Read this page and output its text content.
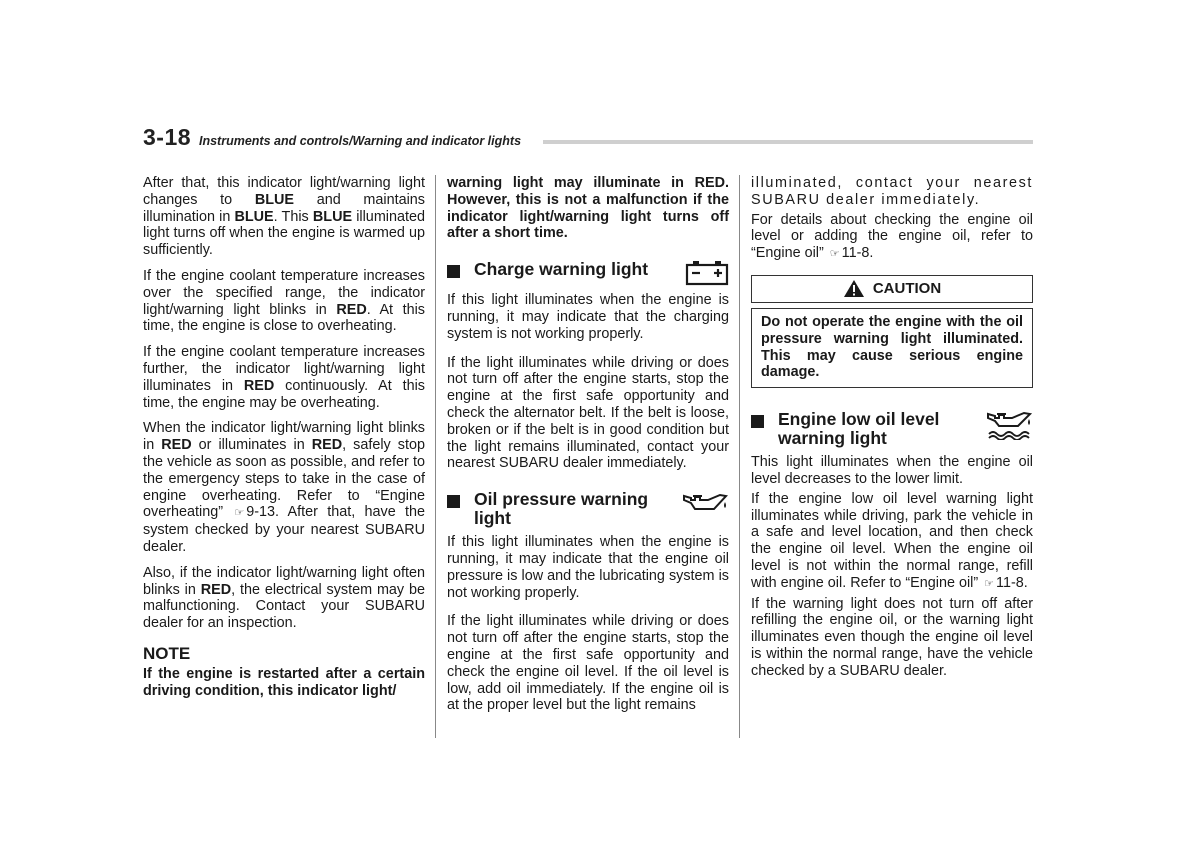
3-18 Instruments and controls/Warning and indicator lights

After that, this indicator light/warning light changes to BLUE and maintains illumination in BLUE. This BLUE illuminated light turns off when the engine is warmed up sufficiently.

If the engine coolant temperature increases over the specified range, the indicator light/warning light blinks in RED. At this time, the engine is close to overheating.

If the engine coolant temperature increases further, the indicator light/warning light illuminates in RED continuously. At this time, the engine may be overheating.

When the indicator light/warning light blinks in RED or illuminates in RED, safely stop the vehicle as soon as possible, and refer to the emergency steps to take in the case of engine overheating. Refer to “Engine overheating” ☞ 9-13. After that, have the system checked by your nearest SUBARU dealer.

Also, if the indicator light/warning light often blinks in RED, the electrical system may be malfunctioning. Contact your SUBARU dealer for an inspection.

NOTE

If the engine is restarted after a certain driving condition, this indicator light/

warning light may illuminate in RED. However, this is not a malfunction if the indicator light/warning light turns off after a short time.

Charge warning light

If this light illuminates when the engine is running, it may indicate that the charging system is not working properly.

If the light illuminates while driving or does not turn off after the engine starts, stop the engine at the first safe opportunity and check the alternator belt. If the belt is loose, broken or if the belt is in good condition but the light remains illuminated, contact your nearest SUBARU dealer immediately.

Oil pressure warning light

If this light illuminates when the engine is running, it may indicate that the engine oil pressure is low and the lubricating system is not working properly.

If the light illuminates while driving or does not turn off after the engine starts, stop the engine at the first safe opportunity and check the engine oil level. If the oil level is low, add oil immediately. If the engine oil is at the proper level but the light remains

illuminated, contact your nearest SUBARU dealer immediately.

For details about checking the engine oil level or adding the engine oil, refer to “Engine oil” ☞ 11-8.

CAUTION

Do not operate the engine with the oil pressure warning light illuminated. This may cause serious engine damage.

Engine low oil level warning light

This light illuminates when the engine oil level decreases to the lower limit.

If the engine low oil level warning light illuminates while driving, park the vehicle in a safe and level location, and then check the engine oil level. When the engine oil level is not within the normal range, refill with engine oil. Refer to “Engine oil” ☞ 11-8.

If the warning light does not turn off after refilling the engine oil, or the warning light illuminates even though the engine oil level is within the normal range, have the vehicle checked by a SUBARU dealer.
